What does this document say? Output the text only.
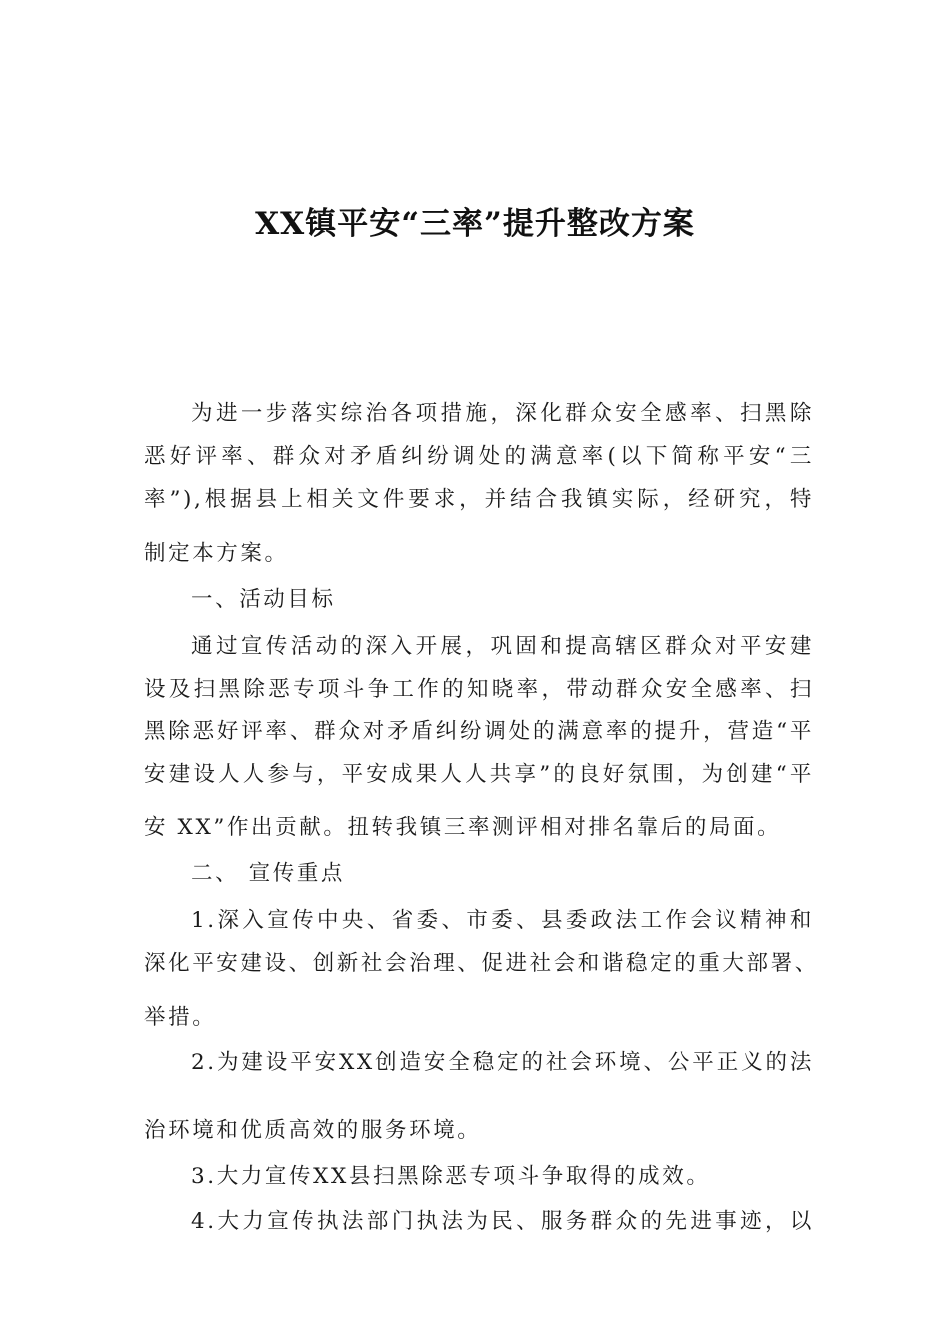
XX镇平安“三率”提升整改方案
为进一步落实综治各项措施，深化群众安全感率、扫黑除
恶好评率、群众对矛盾纠纷调处的满意率(以下简称平安“三
率”),根据县上相关文件要求，并结合我镇实际，经研究，特
制定本方案。
一、活动目标
通过宣传活动的深入开展，巩固和提高辖区群众对平安建
设及扫黑除恶专项斗争工作的知晓率，带动群众安全感率、扫
黑除恶好评率、群众对矛盾纠纷调处的满意率的提升，营造“平
安建设人人参与，平安成果人人共享”的良好氛围，为创建“平
安 XX”作出贡献。扭转我镇三率测评相对排名靠后的局面。
二、 宣传重点
1.深入宣传中央、省委、市委、县委政法工作会议精神和
深化平安建设、创新社会治理、促进社会和谐稳定的重大部署、
举措。
2.为建设平安XX创造安全稳定的社会环境、公平正义的法
治环境和优质高效的服务环境。
3.大力宣传XX县扫黑除恶专项斗争取得的成效。
4.大力宣传执法部门执法为民、服务群众的先进事迹，以
